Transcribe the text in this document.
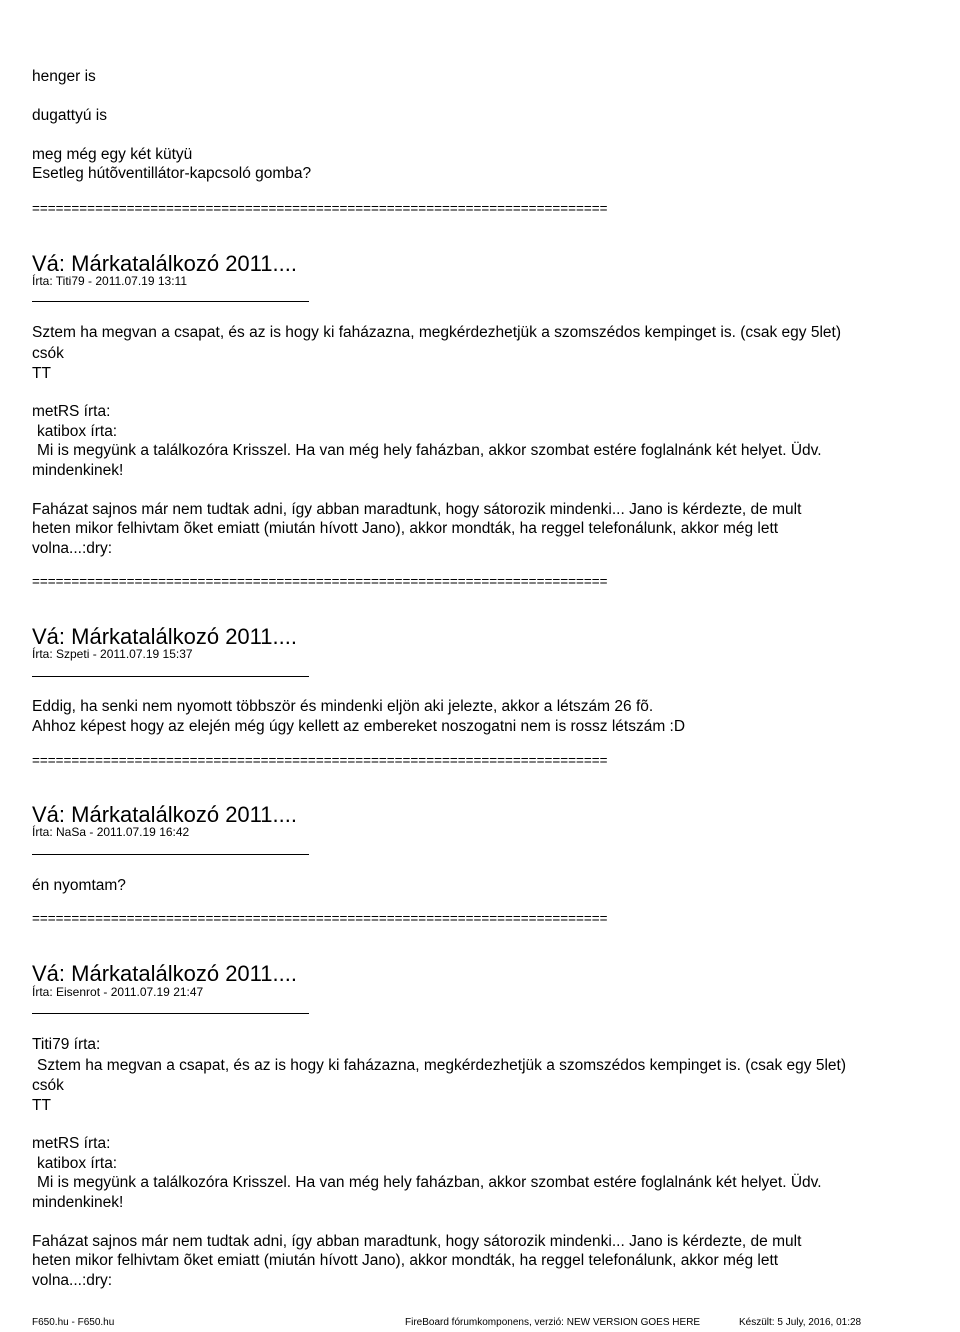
henger is
dugattyú is
meg még egy két kütyü
Esetleg hútõventillátor-kapcsoló gomba?
=========================================================================
Vá: Márkatalálkozó 2011....
Írta: Titi79 - 2011.07.19 13:11
Sztem ha megvan a csapat, és az is hogy ki faházazna, megkérdezhetjük a szomszédos kempinget is. (csak egy 5let)
csók
TT
metRS írta:
katibox írta:
Mi is megyünk a találkozóra Krisszel. Ha van még hely faházban, akkor szombat estére foglalnánk két helyet. Üdv.
mindenkinek!
Faházat sajnos már nem tudtak adni, így abban maradtunk, hogy sátorozik mindenki... Jano is kérdezte, de mult
heten mikor felhivtam õket emiatt (miután hívott Jano), akkor mondták, ha reggel telefonálunk, akkor még lett
volna...:dry:
=========================================================================
Vá: Márkatalálkozó 2011....
Írta: Szpeti - 2011.07.19 15:37
Eddig, ha senki nem nyomott többször és mindenki eljön aki jelezte, akkor a létszám 26 fõ.
Ahhoz képest hogy az elején még úgy kellett az embereket noszogatni nem is rossz létszám :D
=========================================================================
Vá: Márkatalálkozó 2011....
Írta: NaSa - 2011.07.19 16:42
én nyomtam?
=========================================================================
Vá: Márkatalálkozó 2011....
Írta: Eisenrot - 2011.07.19 21:47
Titi79 írta:
Sztem ha megvan a csapat, és az is hogy ki faházazna, megkérdezhetjük a szomszédos kempinget is. (csak egy 5let)
csók
TT
metRS írta:
katibox írta:
Mi is megyünk a találkozóra Krisszel. Ha van még hely faházban, akkor szombat estére foglalnánk két helyet. Üdv.
mindenkinek!
Faházat sajnos már nem tudtak adni, így abban maradtunk, hogy sátorozik mindenki... Jano is kérdezte, de mult
heten mikor felhivtam õket emiatt (miután hívott Jano), akkor mondták, ha reggel telefonálunk, akkor még lett
volna...:dry:
F650.hu - F650.hu	FireBoard fórumkomponens, verzió: NEW VERSION GOES HERE	Készült: 5 July, 2016, 01:28
